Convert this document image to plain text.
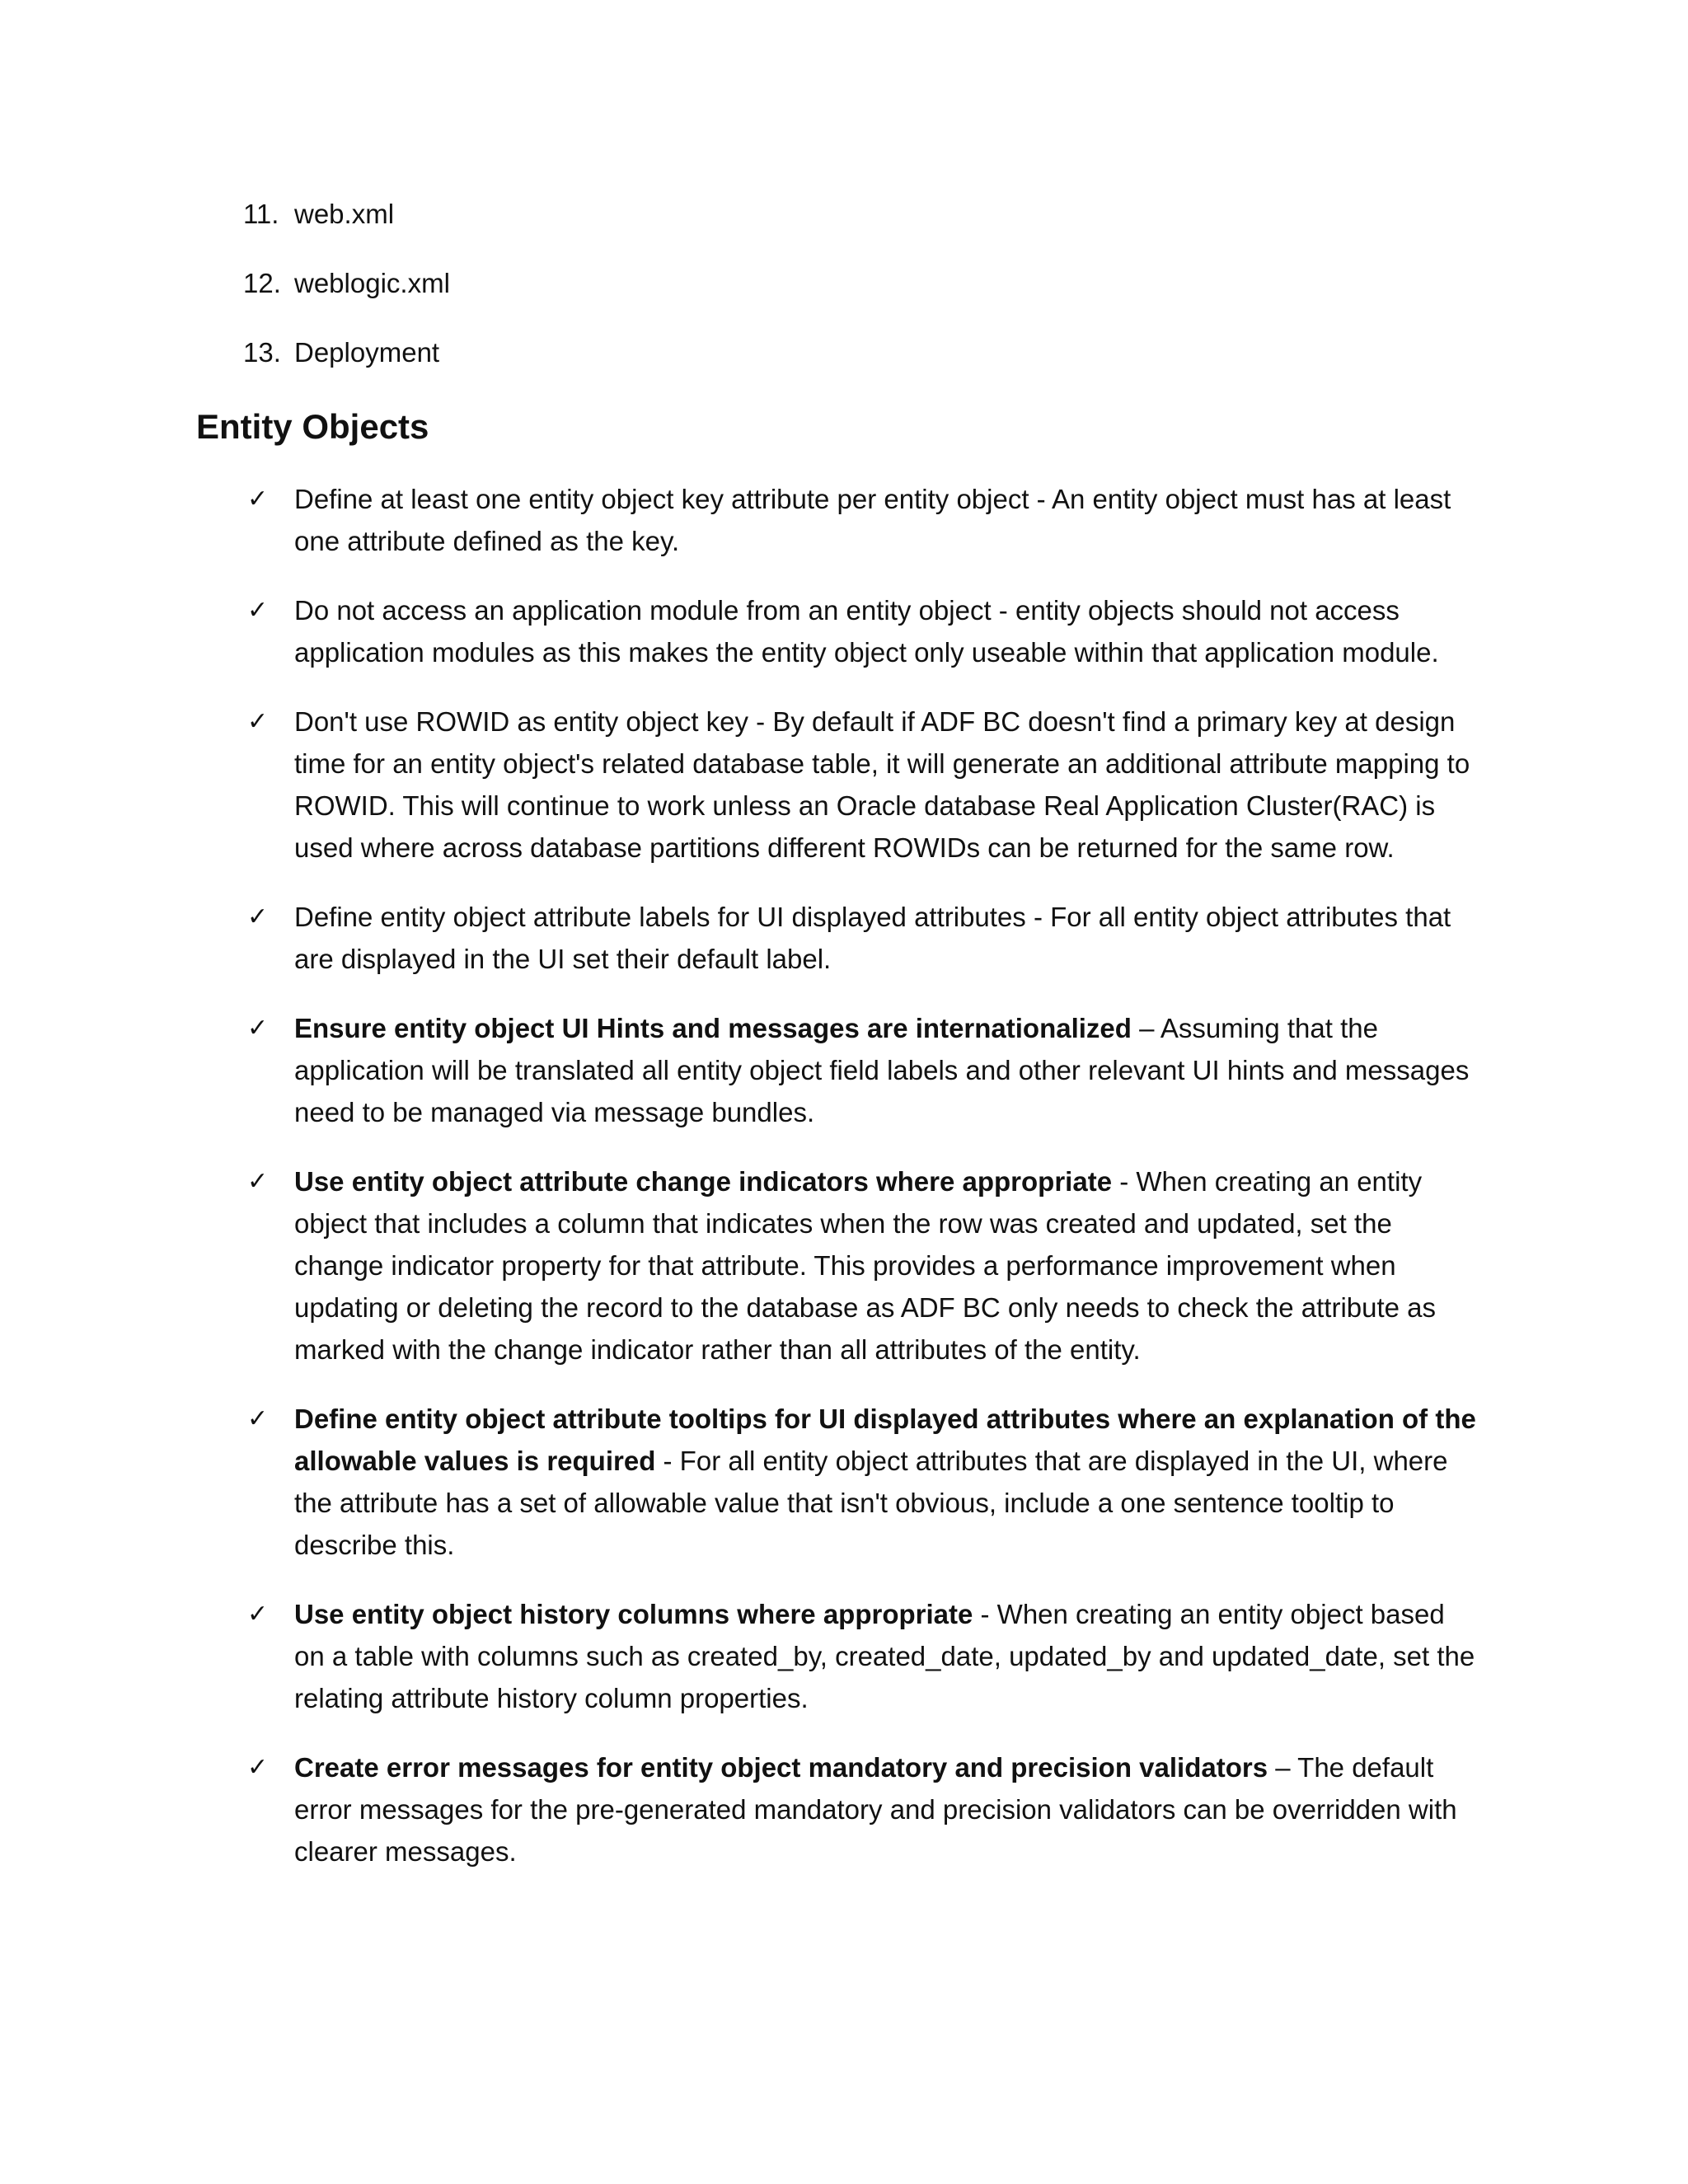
11. web.xml
12. weblogic.xml
13. Deployment
Entity Objects
✓ Define at least one entity object key attribute per entity object - An entity object must has at least one attribute defined as the key.
✓ Do not access an application module from an entity object - entity objects should not access application modules as this makes the entity object only useable within that application module.
✓ Don't use ROWID as entity object key - By default if ADF BC doesn't find a primary key at design time for an entity object's related database table, it will generate an additional attribute mapping to ROWID. This will continue to work unless an Oracle database Real Application Cluster(RAC) is used where across database partitions different ROWIDs can be returned for the same row.
✓ Define entity object attribute labels for UI displayed attributes - For all entity object attributes that are displayed in the UI set their default label.
✓ Ensure entity object UI Hints and messages are internationalized – Assuming that the application will be translated all entity object field labels and other relevant UI hints and messages need to be managed via message bundles.
✓ Use entity object attribute change indicators where appropriate - When creating an entity object that includes a column that indicates when the row was created and updated, set the change indicator property for that attribute. This provides a performance improvement when updating or deleting the record to the database as ADF BC only needs to check the attribute as marked with the change indicator rather than all attributes of the entity.
✓ Define entity object attribute tooltips for UI displayed attributes where an explanation of the allowable values is required - For all entity object attributes that are displayed in the UI, where the attribute has a set of allowable value that isn't obvious, include a one sentence tooltip to describe this.
✓ Use entity object history columns where appropriate - When creating an entity object based on a table with columns such as created_by, created_date, updated_by and updated_date, set the relating attribute history column properties.
✓ Create error messages for entity object mandatory and precision validators – The default error messages for the pre-generated mandatory and precision validators can be overridden with clearer messages.
